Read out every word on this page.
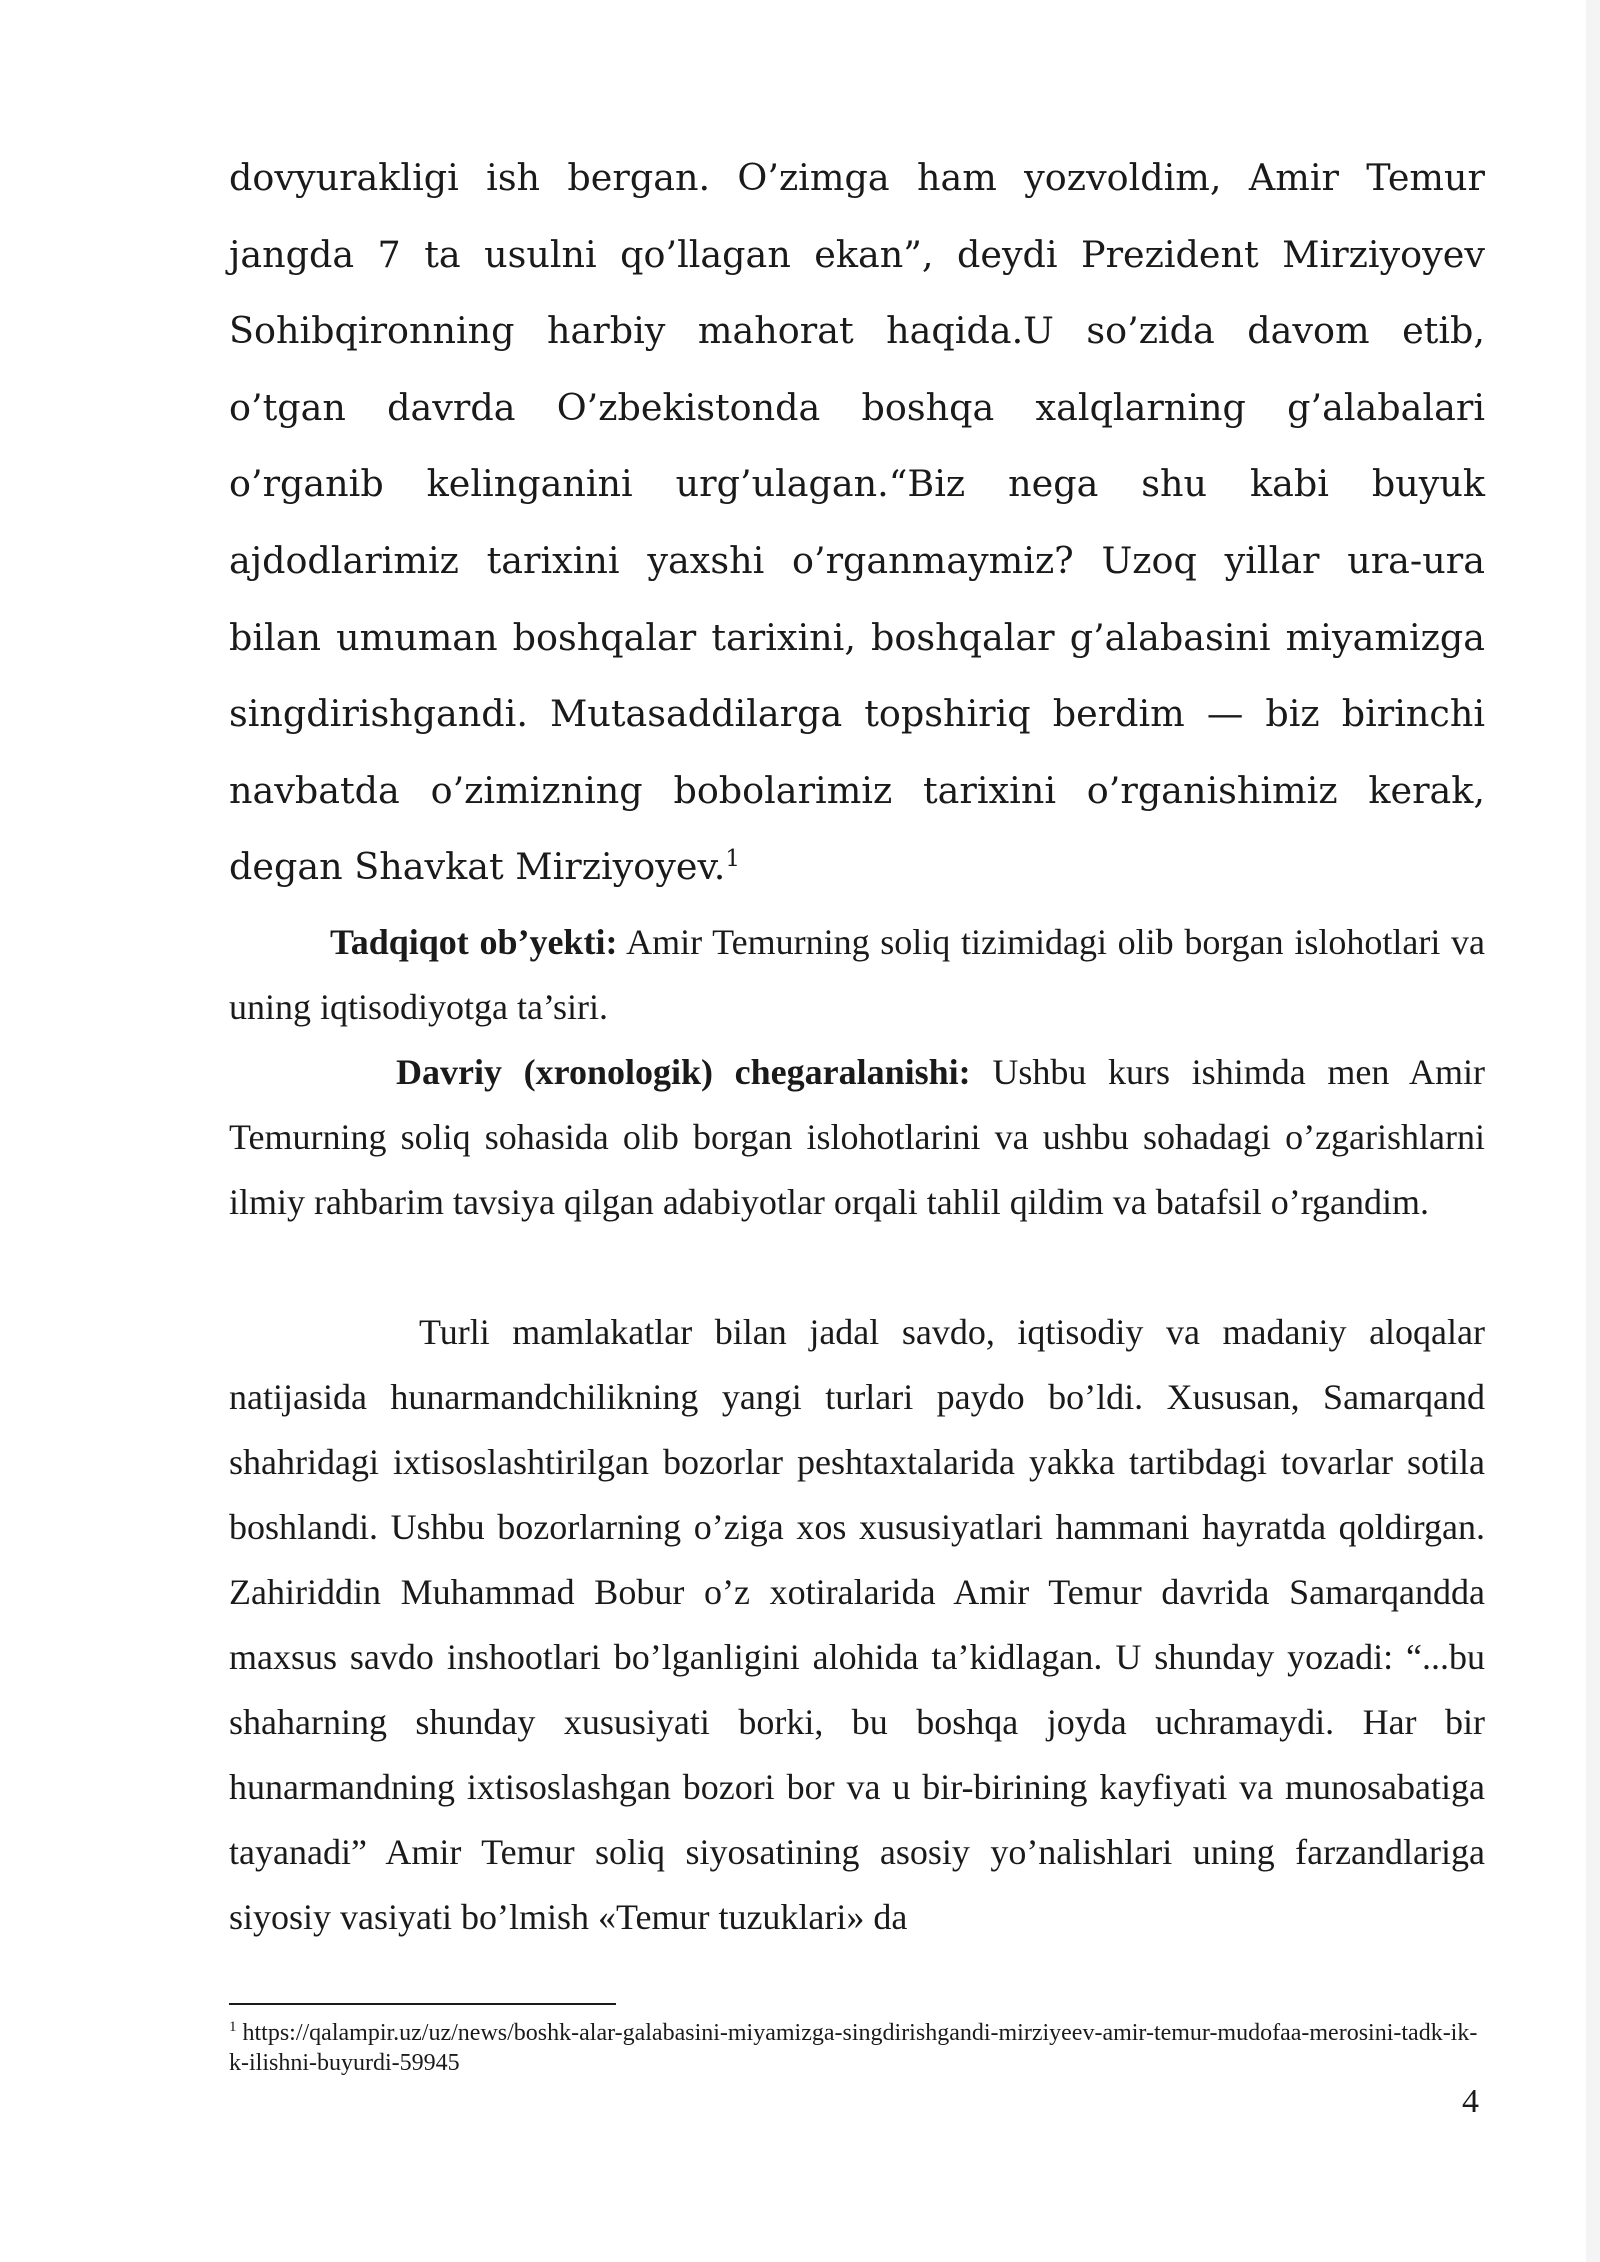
dovyurakligi ish bergan. O’zimga ham yozvoldim, Amir Temur jangda 7 ta usulni qo’llagan ekan”, deydi Prezident Mirziyoyev Sohibqironning harbiy mahorat haqida.U so’zida davom etib, o’tgan davrda O’zbekistonda boshqa xalqlarning g’alabalari o’rganib kelinganini urg’ulagan.“Biz nega shu kabi buyuk ajdodlarimiz tarixini yaxshi o’rganmaymiz? Uzoq yillar ura-ura bilan umuman boshqalar tarixini, boshqalar g’alabasini miyamizga singdirishgandi. Mutasaddilarga topshiriq berdim — biz birinchi navbatda o’zimizning bobolarimiz tarixini o’rganishimiz kerak, degan Shavkat Mirziyoyev.$^1$

Tadqiqot ob’yekti: Amir Temurning soliq tizimidagi olib borgan islohotlari va uning iqtisodiyotga ta’siri.

Davriy (xronologik) chegaralanishi: Ushbu kurs ishimda men Amir Temurning soliq sohasida olib borgan islohotlarini va ushbu sohadagi o’zgarishlarni ilmiy rahbarim tavsiya qilgan adabiyotlar orqali tahlil qildim va batafsil o’rgandim.

Turli mamlakatlar bilan jadal savdo, iqtisodiy va madaniy aloqalar natijasida hunarmandchilikning yangi turlari paydo bo’ldi. Xususan, Samarqand shahridagi ixtisoslashtirilgan bozorlar peshtaxtalarida yakka tartibdagi tovarlar sotila boshlandi. Ushbu bozorlarning o’ziga xos xususiyatlari hammani hayratda qoldirgan. Zahiriddin Muhammad Bobur o’z xotiralarida Amir Temur davrida Samarqandda maxsus savdo inshootlari bo’lganligini alohida ta’kidlagan. U shunday yozadi: “...bu shaharning shunday xususiyati borki, bu boshqa joyda uchramaydi. Har bir hunarmandning ixtisoslashgan bozori bor va u bir-birining kayfiyati va munosabatiga tayanadi” Amir Temur soliq siyosatining asosiy yo’nalishlari uning farzandlariga siyosiy vasiyati bo’lmish «Temur tuzuklari» da

$^1$ https://qalampir.uz/uz/news/boshk-alar-galabasini-miyamizga-singdirishgandi-mirziyeev-amir-temur-mudofaa-merosini-tadk-ik-k-ilishni-buyurdi-59945

4
